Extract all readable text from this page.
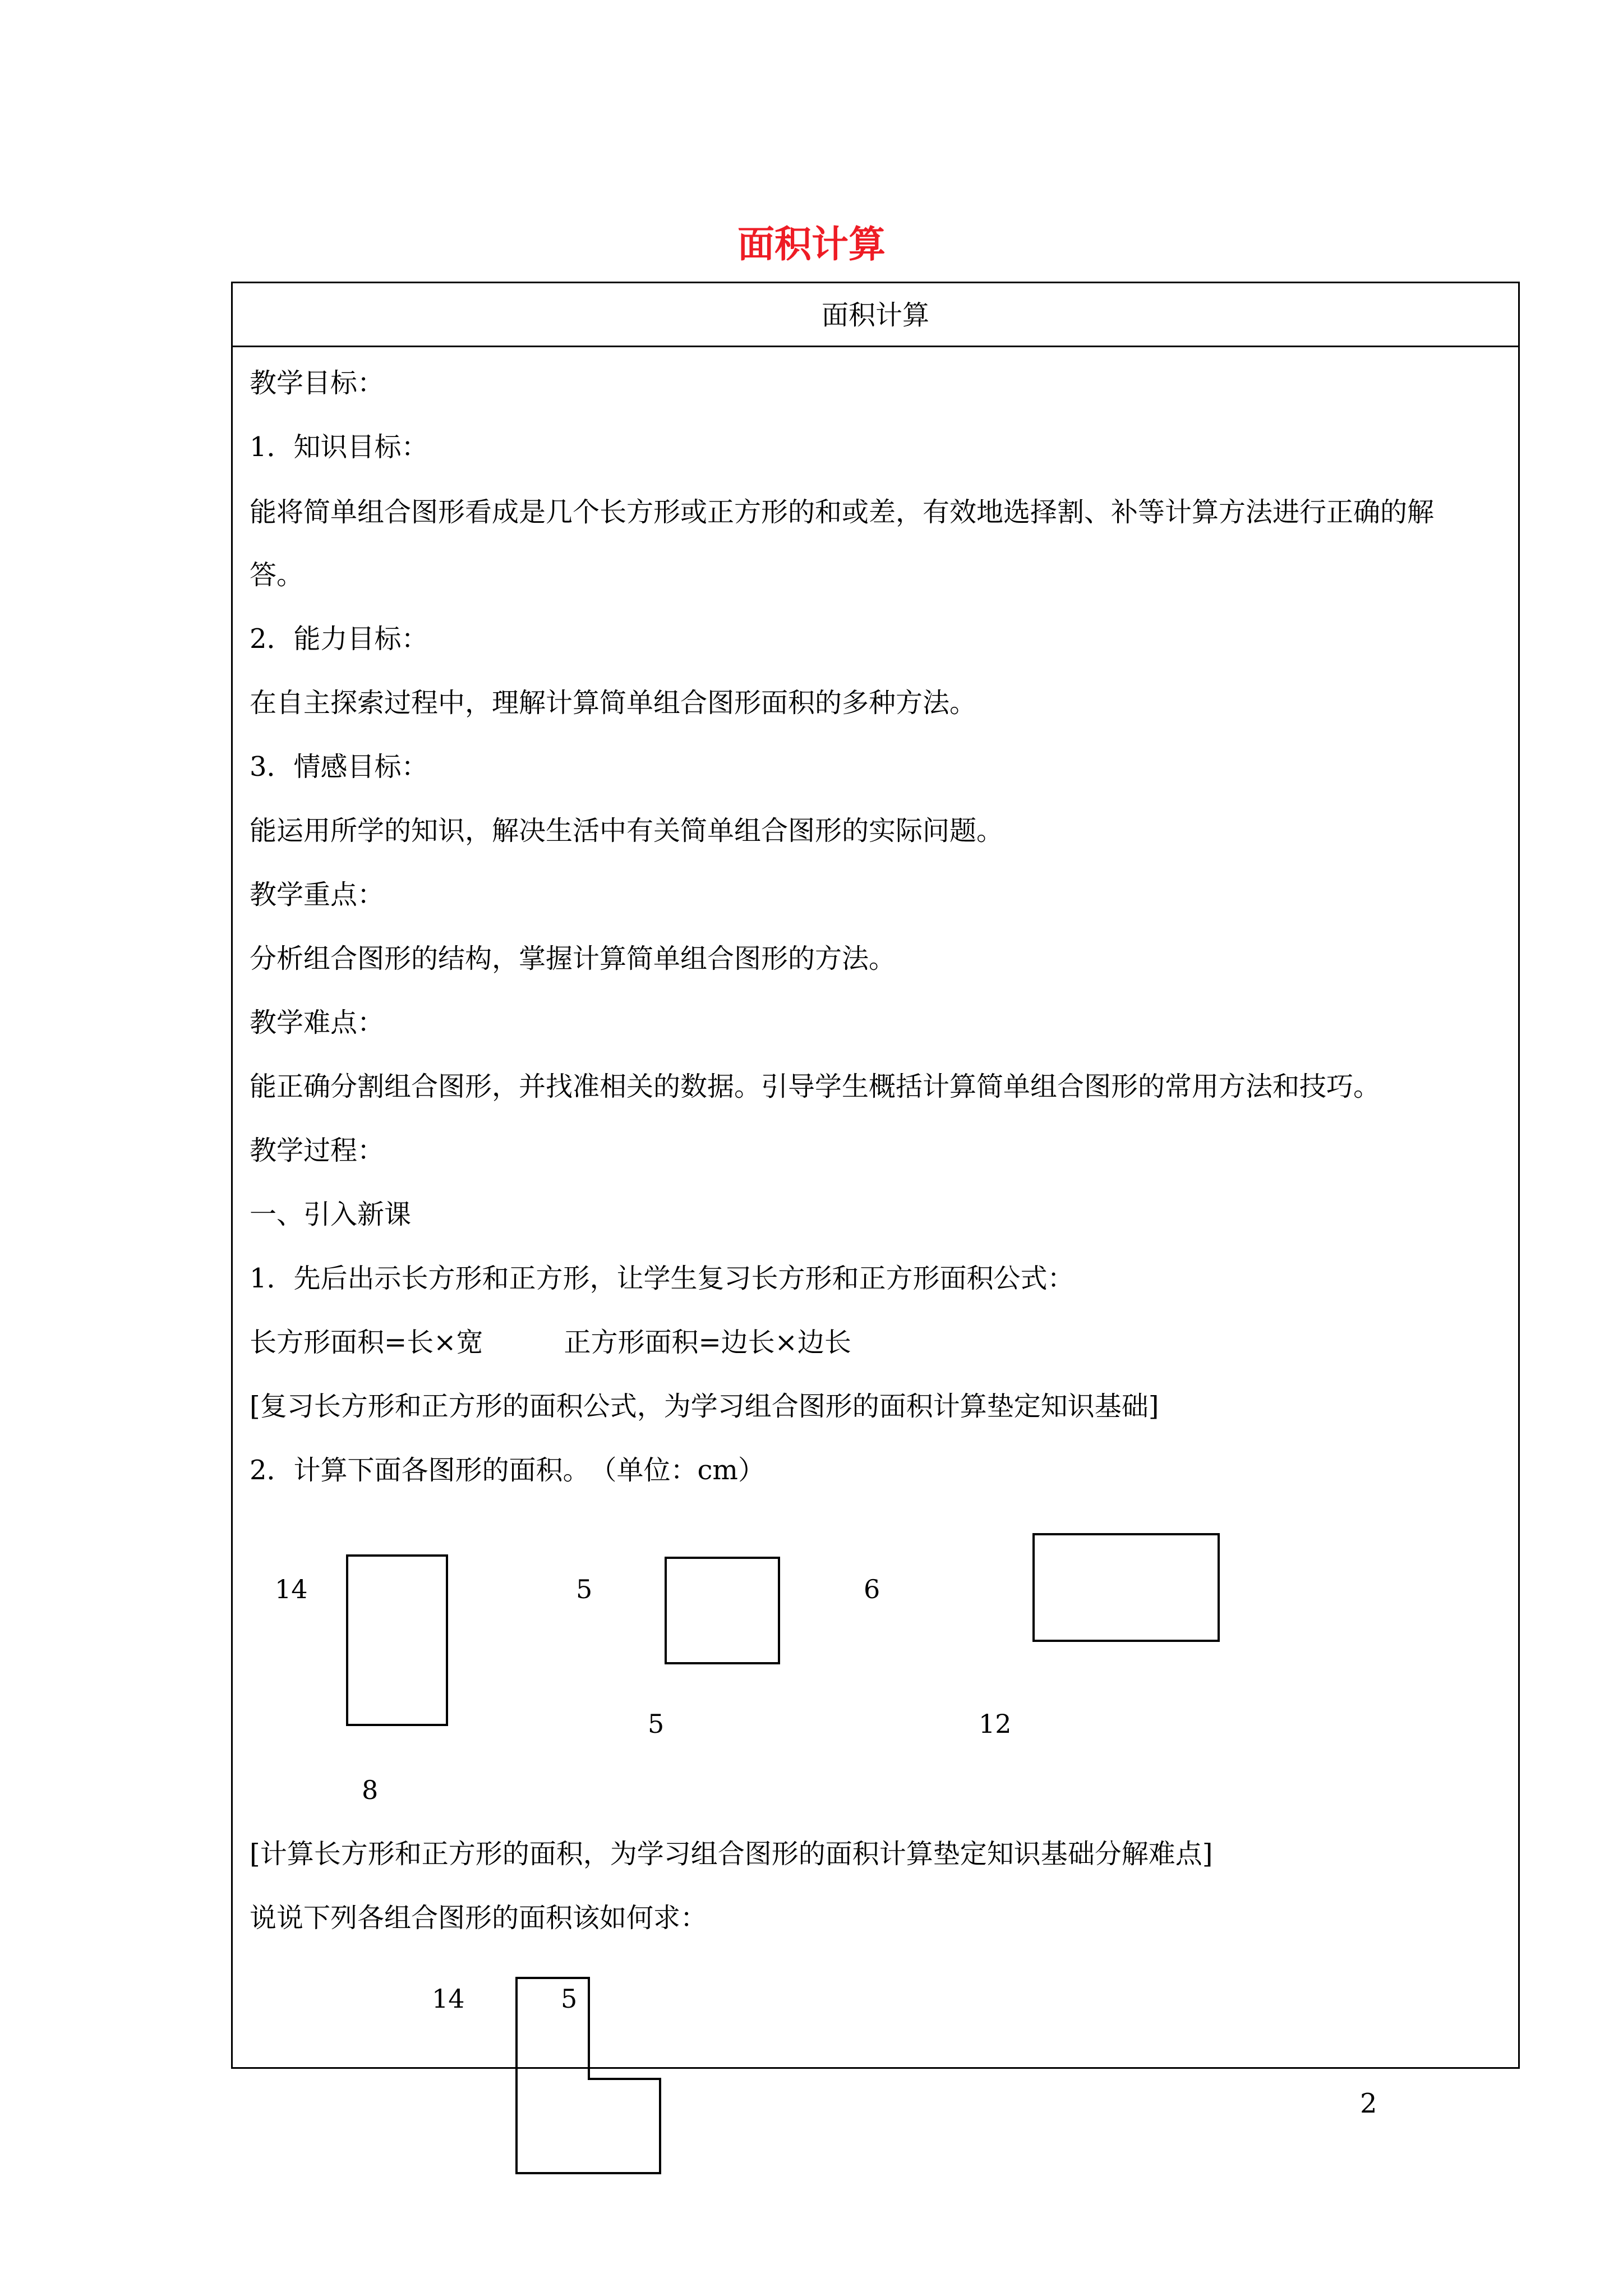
面积计算
面积计算
教学目标：
1．知识目标：
能将简单组合图形看成是几个长方形或正方形的和或差，有效地选择割、补等计算方法进行正确的解
答。
2．能力目标：
在自主探索过程中，理解计算简单组合图形面积的多种方法。
3．情感目标：
能运用所学的知识，解决生活中有关简单组合图形的实际问题。
教学重点：
分析组合图形的结构，掌握计算简单组合图形的方法。
教学难点：
能正确分割组合图形，并找准相关的数据。引导学生概括计算简单组合图形的常用方法和技巧。
教学过程：
一、引入新课
1．先后出示长方形和正方形，让学生复习长方形和正方形面积公式：
长方形面积=长×宽　　　正方形面积=边长×边长
[复习长方形和正方形的面积公式，为学习组合图形的面积计算垫定知识基础]
2．计算下面各图形的面积。　（单位：cm）
14
8
5
5
6
12
[计算长方形和正方形的面积，为学习组合图形的面积计算垫定知识基础分解难点]
说说下列各组合图形的面积该如何求：
14	5
2
